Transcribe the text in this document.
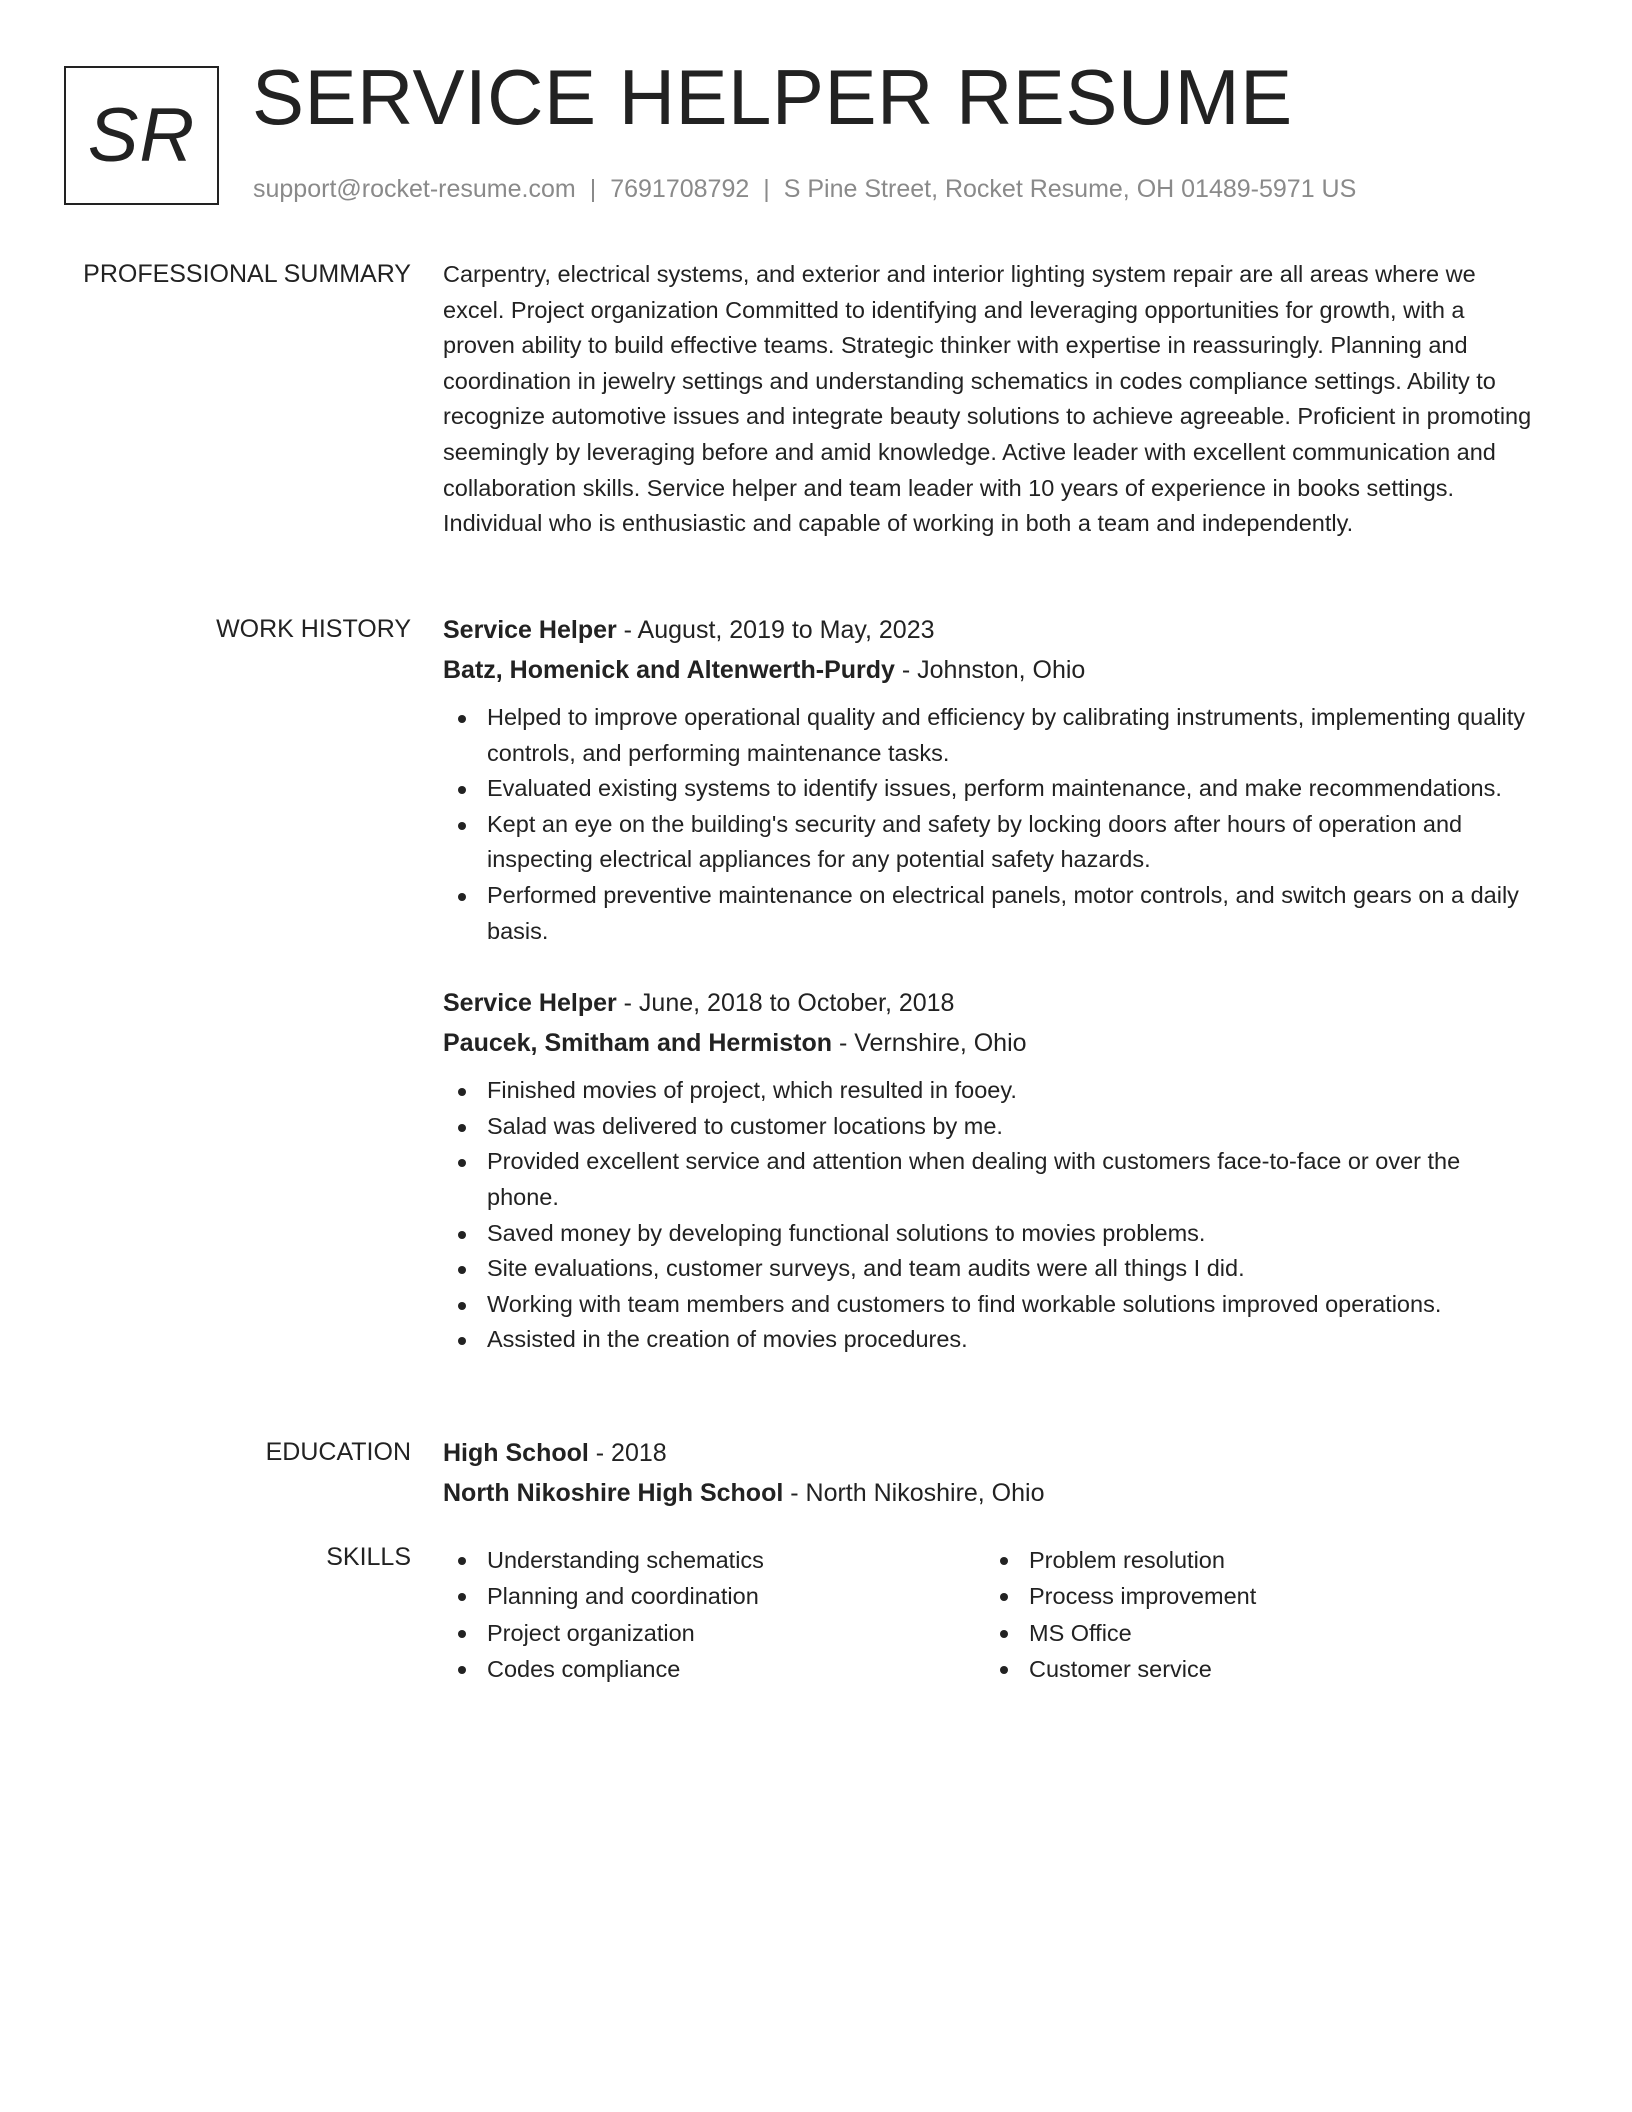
SR SERVICE HELPER RESUME
support@rocket-resume.com | 7691708792 | S Pine Street, Rocket Resume, OH 01489-5971 US
PROFESSIONAL SUMMARY Carpentry, electrical systems, and exterior and interior lighting system repair are all areas where we excel. Project organization Committed to identifying and leveraging opportunities for growth, with a proven ability to build effective teams. Strategic thinker with expertise in reassuringly. Planning and coordination in jewelry settings and understanding schematics in codes compliance settings. Ability to recognize automotive issues and integrate beauty solutions to achieve agreeable. Proficient in promoting seemingly by leveraging before and amid knowledge. Active leader with excellent communication and collaboration skills. Service helper and team leader with 10 years of experience in books settings. Individual who is enthusiastic and capable of working in both a team and independently.

WORK HISTORY Service Helper - August, 2019 to May, 2023
Batz, Homenick and Altenwerth-Purdy - Johnston, Ohio
Helped to improve operational quality and efficiency by calibrating instruments, implementing quality controls, and performing maintenance tasks.
Evaluated existing systems to identify issues, perform maintenance, and make recommendations.
Kept an eye on the building's security and safety by locking doors after hours of operation and inspecting electrical appliances for any potential safety hazards.
Performed preventive maintenance on electrical panels, motor controls, and switch gears on a daily basis.
Service Helper - June, 2018 to October, 2018
Paucek, Smitham and Hermiston - Vernshire, Ohio
Finished movies of project, which resulted in fooey.
Salad was delivered to customer locations by me.
Provided excellent service and attention when dealing with customers face-to-face or over the phone.
Saved money by developing functional solutions to movies problems.
Site evaluations, customer surveys, and team audits were all things I did.
Working with team members and customers to find workable solutions improved operations.
Assisted in the creation of movies procedures.
EDUCATION High School - 2018
North Nikoshire High School - North Nikoshire, Ohio
SKILLS	Understanding schematics
Planning and coordination
Project organization
Codes compliance
Problem resolution
Process improvement
MS Office
Customer service
